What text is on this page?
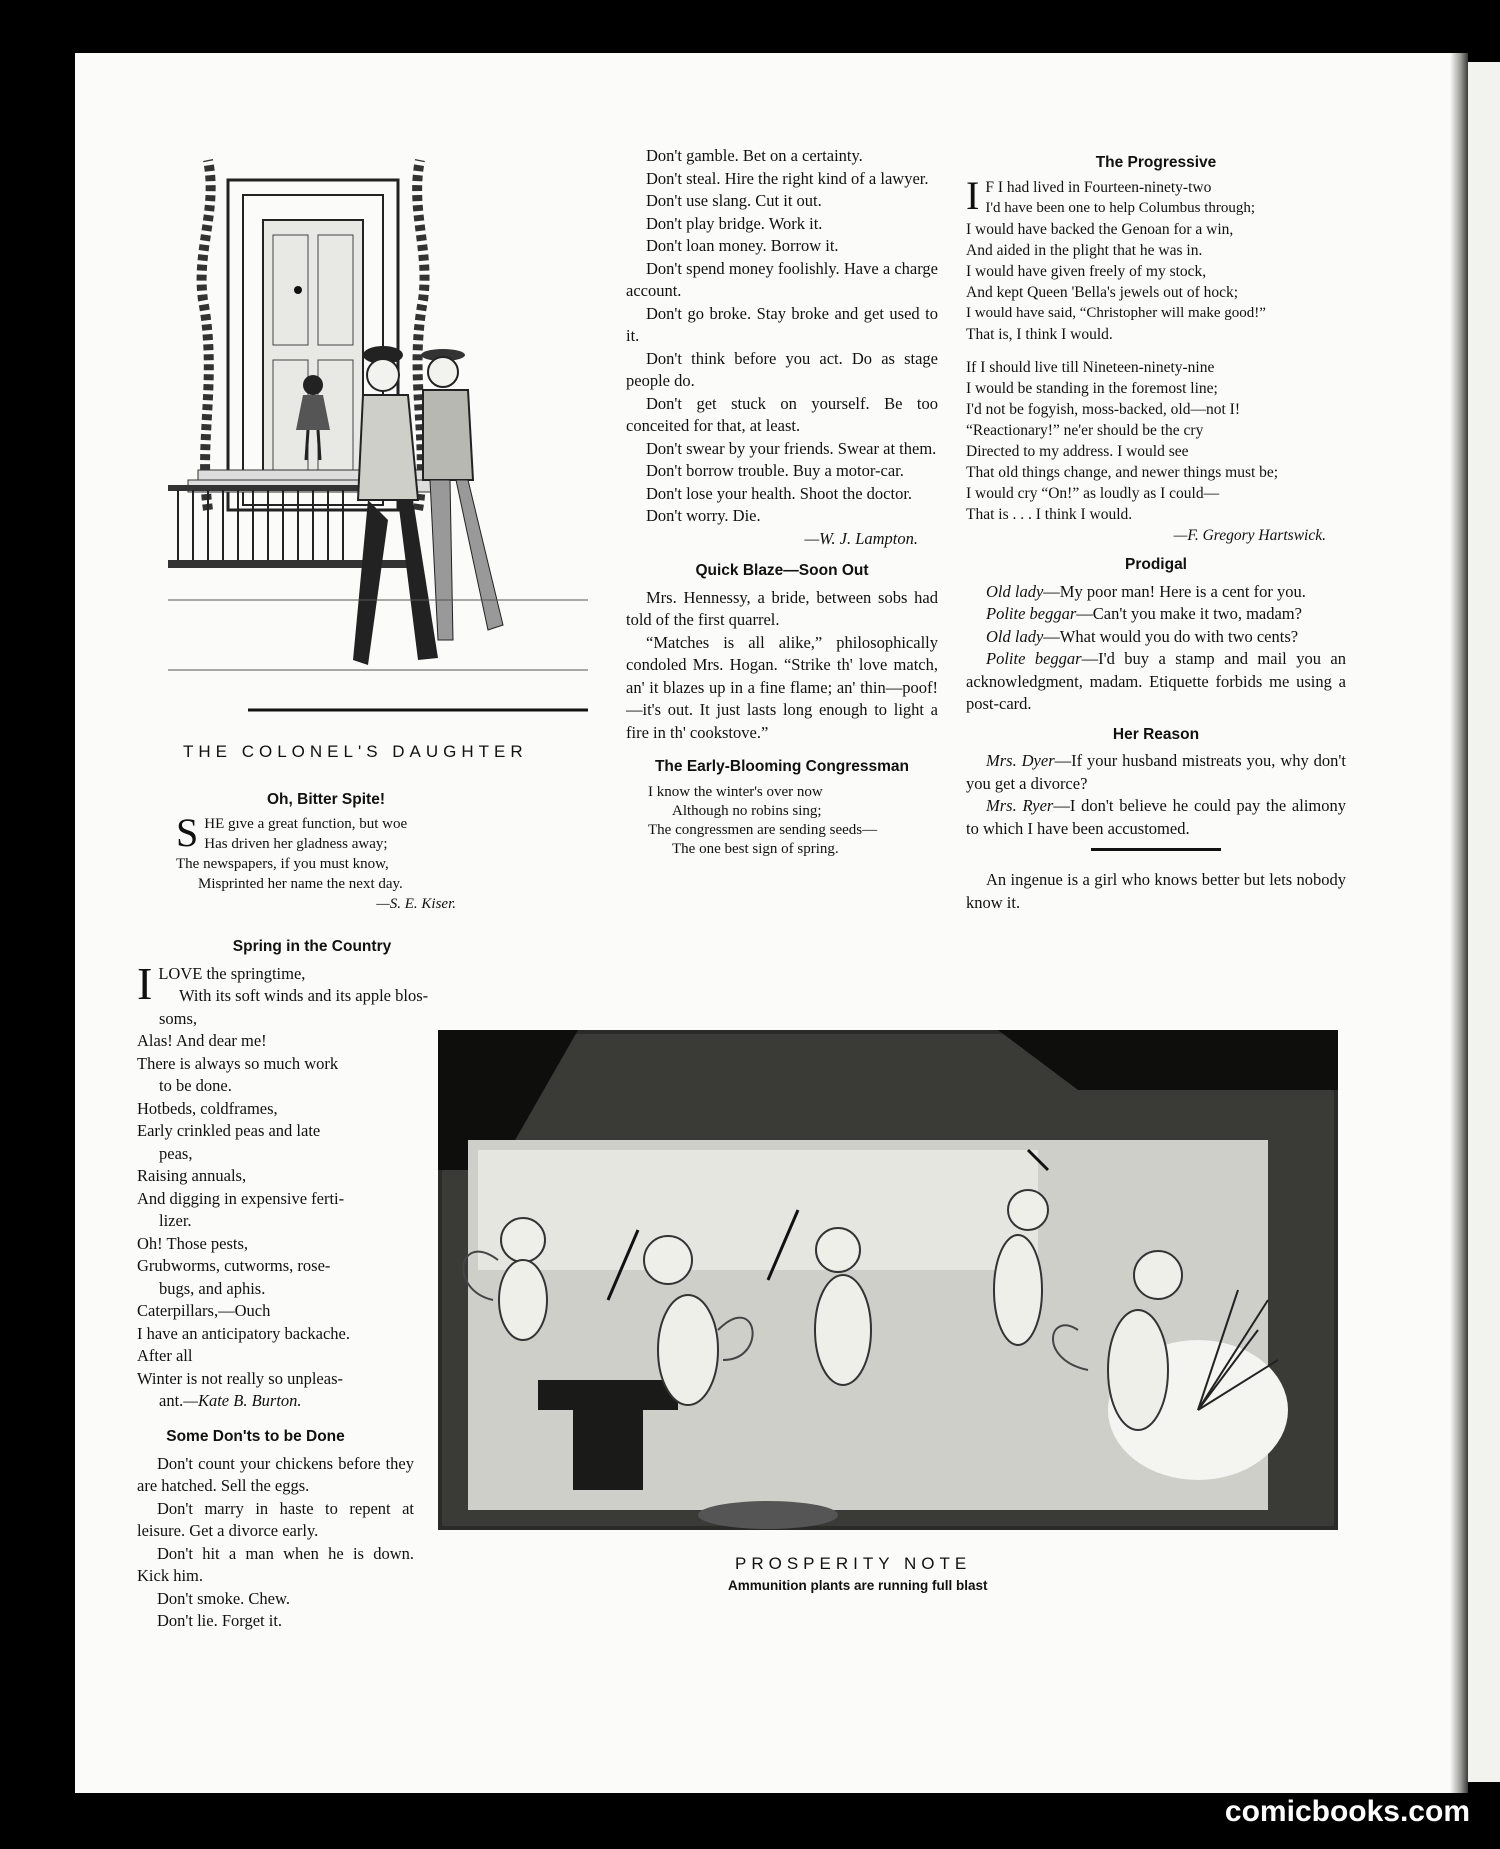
THE COLONEL'S DAUGHTER
Oh, Bitter Spite!
SHE gıve a great function, but woe
Has driven her gladness away;
The newspapers, if you must know,
Misprinted her name the next day.
—S. E. Kiser.
Spring in the Country
ILOVE the springtime,
With its soft winds and its apple blos-
soms,
Alas! And dear me!
There is always so much work
to be done.
Hotbeds, coldframes,
Early crinkled peas and late
peas,
Raising annuals,
And digging in expensive ferti-
lizer.
Oh! Those pests,
Grubworms, cutworms, rose-
bugs, and aphis.
Caterpillars,—Ouch
I have an anticipatory backache.
After all
Winter is not really so unpleas-
ant.—Kate B. Burton.
Some Don'ts to be Done

Don't count your chickens before they are hatched. Sell the eggs.

Don't marry in haste to repent at leisure. Get a divorce early.

Don't hit a man when he is down. Kick him.

Don't smoke. Chew.

Don't lie. Forget it.

Don't gamble. Bet on a certainty.

Don't steal. Hire the right kind of a lawyer.

Don't use slang. Cut it out.

Don't play bridge. Work it.

Don't loan money. Borrow it.

Don't spend money foolishly. Have a charge account.

Don't go broke. Stay broke and get used to it.

Don't think before you act. Do as stage people do.

Don't get stuck on yourself. Be too conceited for that, at least.

Don't swear by your friends. Swear at them.

Don't borrow trouble. Buy a motor-car.

Don't lose your health. Shoot the doctor.

Don't worry. Die.

—W. J. Lampton.

Quick Blaze—Soon Out

Mrs. Hennessy, a bride, between sobs had told of the first quarrel.

“Matches is all alike,” philosophically condoled Mrs. Hogan. “Strike th' love match, an' it blazes up in a fine flame; an' thin—poof!—it's out. It just lasts long enough to light a fire in th' cookstove.”

The Early-Blooming Congressman
I know the winter's over now
Although no robins sing;
The congressmen are sending seeds—
The one best sign of spring.
The Progressive
I F I had lived in Fourteen-ninety-two
I'd have been one to help Columbus through;
I would have backed the Genoan for a win,
And aided in the plight that he was in.
I would have given freely of my stock,
And kept Queen 'Bella's jewels out of hock;
I would have said, “Christopher will make good!”
That is, I think I would.
If I should live till Nineteen-ninety-nine
I would be standing in the foremost line;
I'd not be fogyish, moss-backed, old—not I!
“Reactionary!” ne'er should be the cry
Directed to my address. I would see
That old things change, and newer things must be;
I would cry “On!” as loudly as I could—
That is . . . I think I would.
—F. Gregory Hartswick.
Prodigal

Old lady—My poor man! Here is a cent for you.

Polite beggar—Can't you make it two, madam?

Old lady—What would you do with two cents?

Polite beggar—I'd buy a stamp and mail you an acknowledgment, madam. Etiquette forbids me using a post-card.

Her Reason

Mrs. Dyer—If your husband mistreats you, why don't you get a divorce?

Mrs. Ryer—I don't believe he could pay the alimony to which I have been accustomed.

An ingenue is a girl who knows better but lets nobody know it.

PROSPERITY NOTE
Ammunition plants are running full blast
comicbooks.com
